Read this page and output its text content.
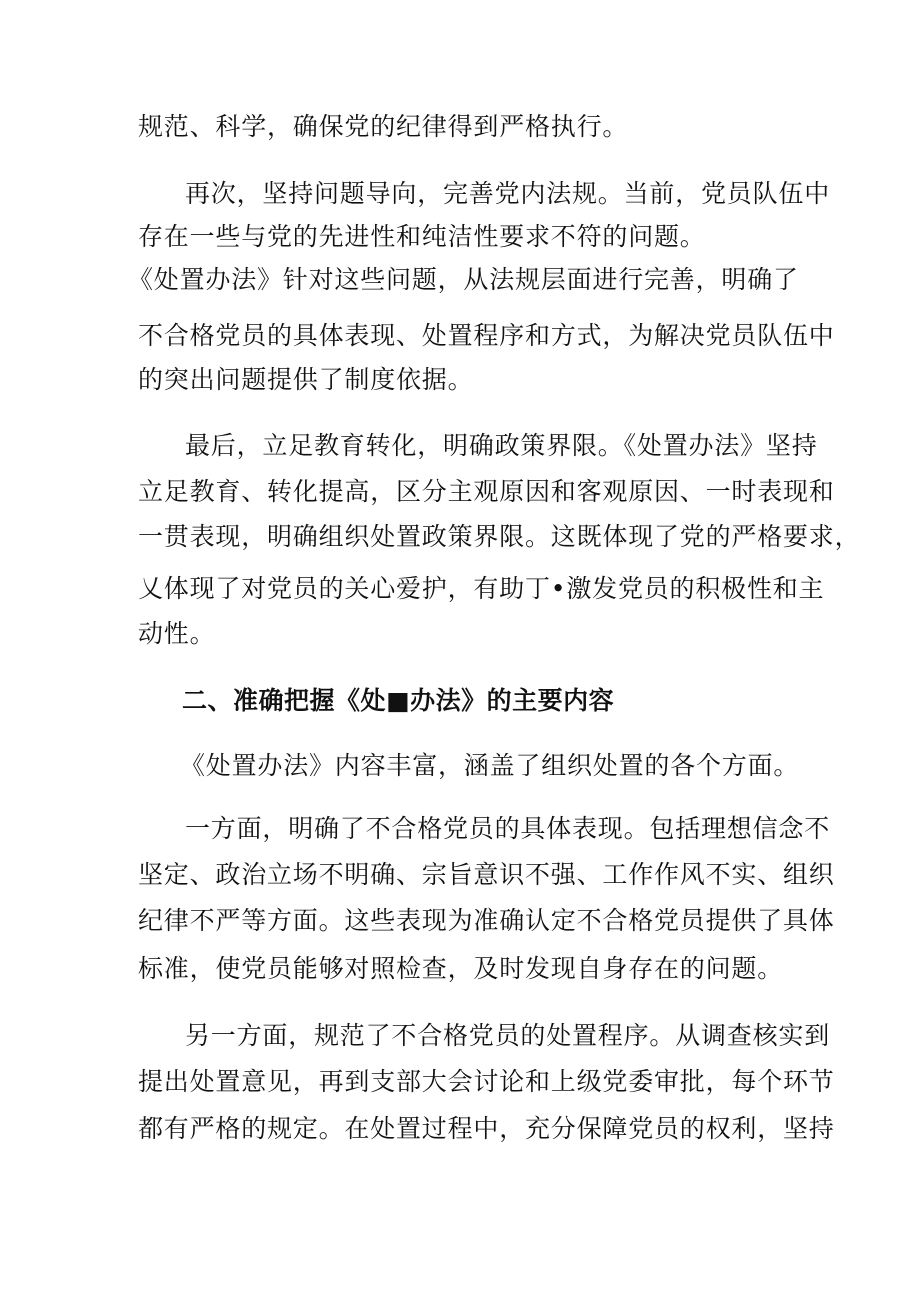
规范、科学，确保党的纪律得到严格执行。
再次，坚持问题导向，完善党内法规。当前，党员队伍中
存在一些与党的先进性和纯洁性要求不符的问题。
《处置办法》针对这些问题，从法规层面进行完善，明确了
不合格党员的具体表现、处置程序和方式，为解决党员队伍中
的突出问题提供了制度依据。
最后，立足教育转化，明确政策界限。《处置办法》坚持
立足教育、转化提高，区分主观原因和客观原因、一时表现和
一贯表现，明确组织处置政策界限。这既体现了党的严格要求，
乂体现了对党员的关心爱护，有助丁•激发党员的积极性和主
动性。
二、准确把握《处■办法》的主要内容
《处置办法》内容丰富，涵盖了组织处置的各个方面。
一方面，明确了不合格党员的具体表现。包括理想信念不
坚定、政治立场不明确、宗旨意识不强、工作作风不实、组织
纪律不严等方面。这些表现为准确认定不合格党员提供了具体
标准，使党员能够对照检查，及时发现自身存在的问题。
另一方面，规范了不合格党员的处置程序。从调查核实到
提出处置意见，再到支部大会讨论和上级党委审批，每个环节
都有严格的规定。在处置过程中，充分保障党员的权利，坚持
